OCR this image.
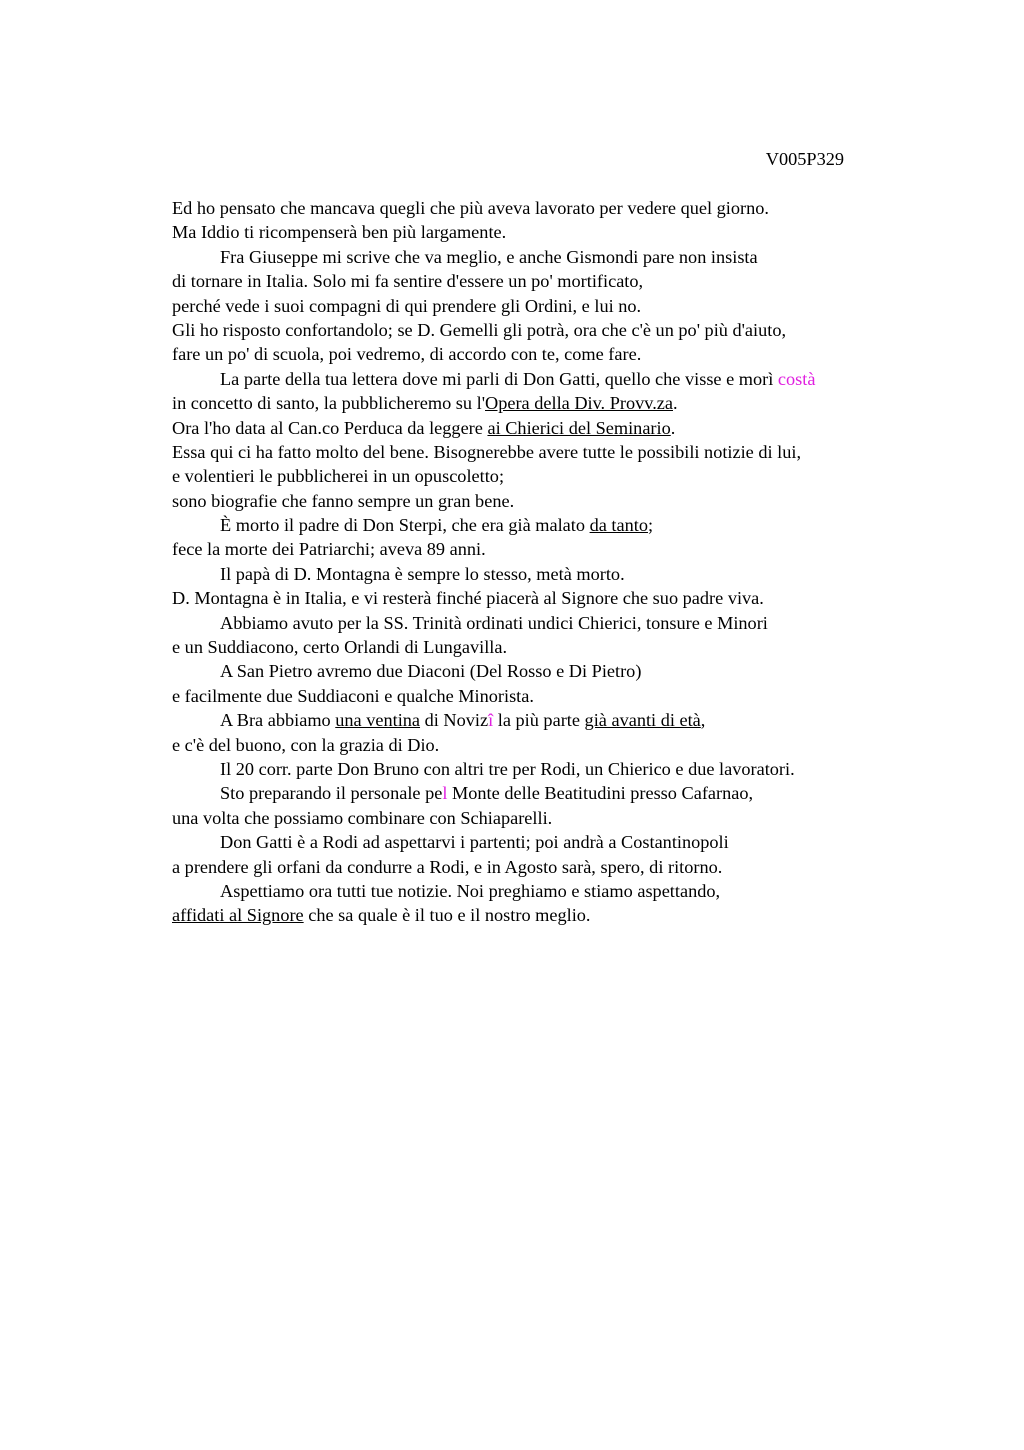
V005P329
Ed ho pensato che mancava quegli che più aveva lavorato per vedere quel giorno.
Ma Iddio ti ricompenserà ben più largamente.
Fra Giuseppe mi scrive che va meglio, e anche Gismondi pare non insista
di tornare in Italia. Solo mi fa sentire d'essere un po' mortificato,
perché vede i suoi compagni di qui prendere gli Ordini, e lui no.
Gli ho risposto confortandolo; se D. Gemelli gli potrà, ora che c'è un po' più d'aiuto,
fare un po' di scuola, poi vedremo, di accordo con te, come fare.
La parte della tua lettera dove mi parli di Don Gatti, quello che visse e morì costà
in concetto di santo, la pubblicheremo su l'Opera della Div. Provv.za.
Ora l'ho data al Can.co Perduca da leggere ai Chierici del Seminario.
Essa qui ci ha fatto molto del bene. Bisognerebbe avere tutte le possibili notizie di lui,
e volentieri le pubblicherei in un opuscoletto;
sono biografie che fanno sempre un gran bene.
È morto il padre di Don Sterpi, che era già malato da tanto;
fece la morte dei Patriarchi; aveva 89 anni.
Il papà di D. Montagna è sempre lo stesso, metà morto.
D. Montagna è in Italia, e vi resterà finché piacerà al Signore che suo padre viva.
Abbiamo avuto per la SS. Trinità ordinati undici Chierici, tonsure e Minori
e un Suddiacono, certo Orlandi di Lungavilla.
A San Pietro avremo due Diaconi (Del Rosso e Di Pietro)
e facilmente due Suddiaconi e qualche Minorista.
A Bra abbiamo una ventina di Novizî la più parte già avanti di età,
e c'è del buono, con la grazia di Dio.
Il 20 corr. parte Don Bruno con altri tre per Rodi, un Chierico e due lavoratori.
Sto preparando il personale pel Monte delle Beatitudini presso Cafarnao,
una volta che possiamo combinare con Schiaparelli.
Don Gatti è a Rodi ad aspettarvi i partenti; poi andrà a Costantinopoli
a prendere gli orfani da condurre a Rodi, e in Agosto sarà, spero, di ritorno.
Aspettiamo ora tutti tue notizie. Noi preghiamo e stiamo aspettando,
affidati al Signore che sa quale è il tuo e il nostro meglio.
